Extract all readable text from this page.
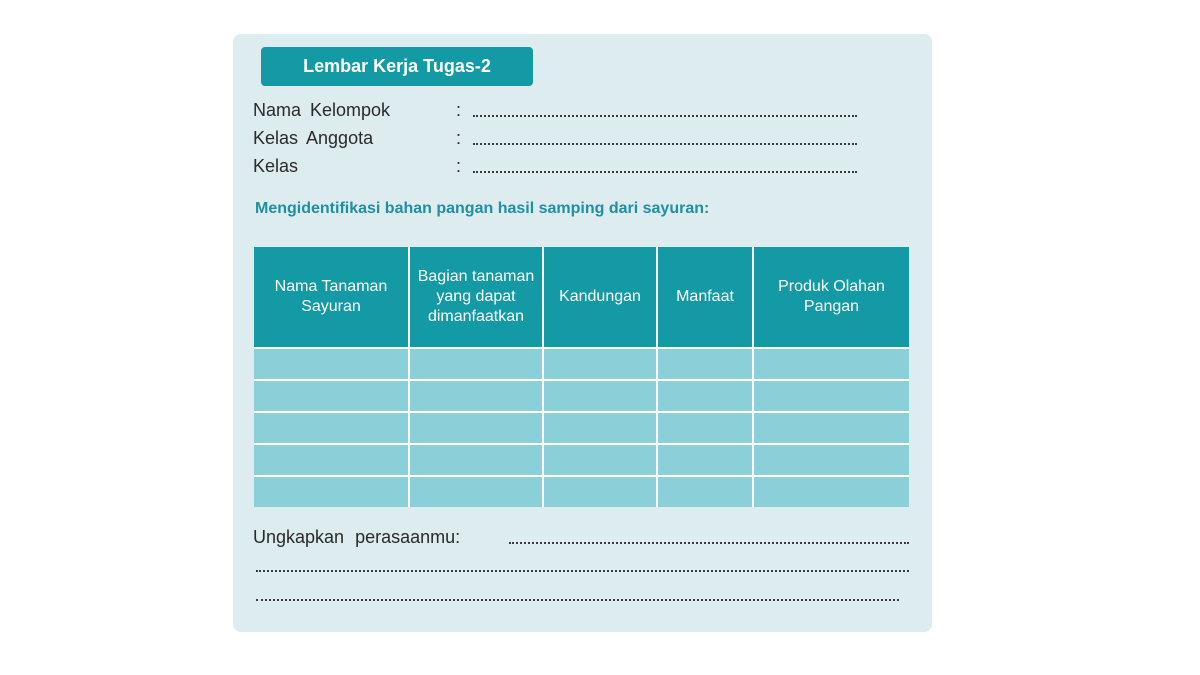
Lembar Kerja Tugas-2
Nama Kelompok	:
Kelas Anggota	:
Kelas	:
Mengidentifikasi bahan pangan hasil samping dari sayuran:
Nama Tanaman Sayuran	Bagian tanaman yang dapat dimanfaatkan	Kandungan	Manfaat	Produk Olahan Pangan

Ungkapkan perasaanmu:
